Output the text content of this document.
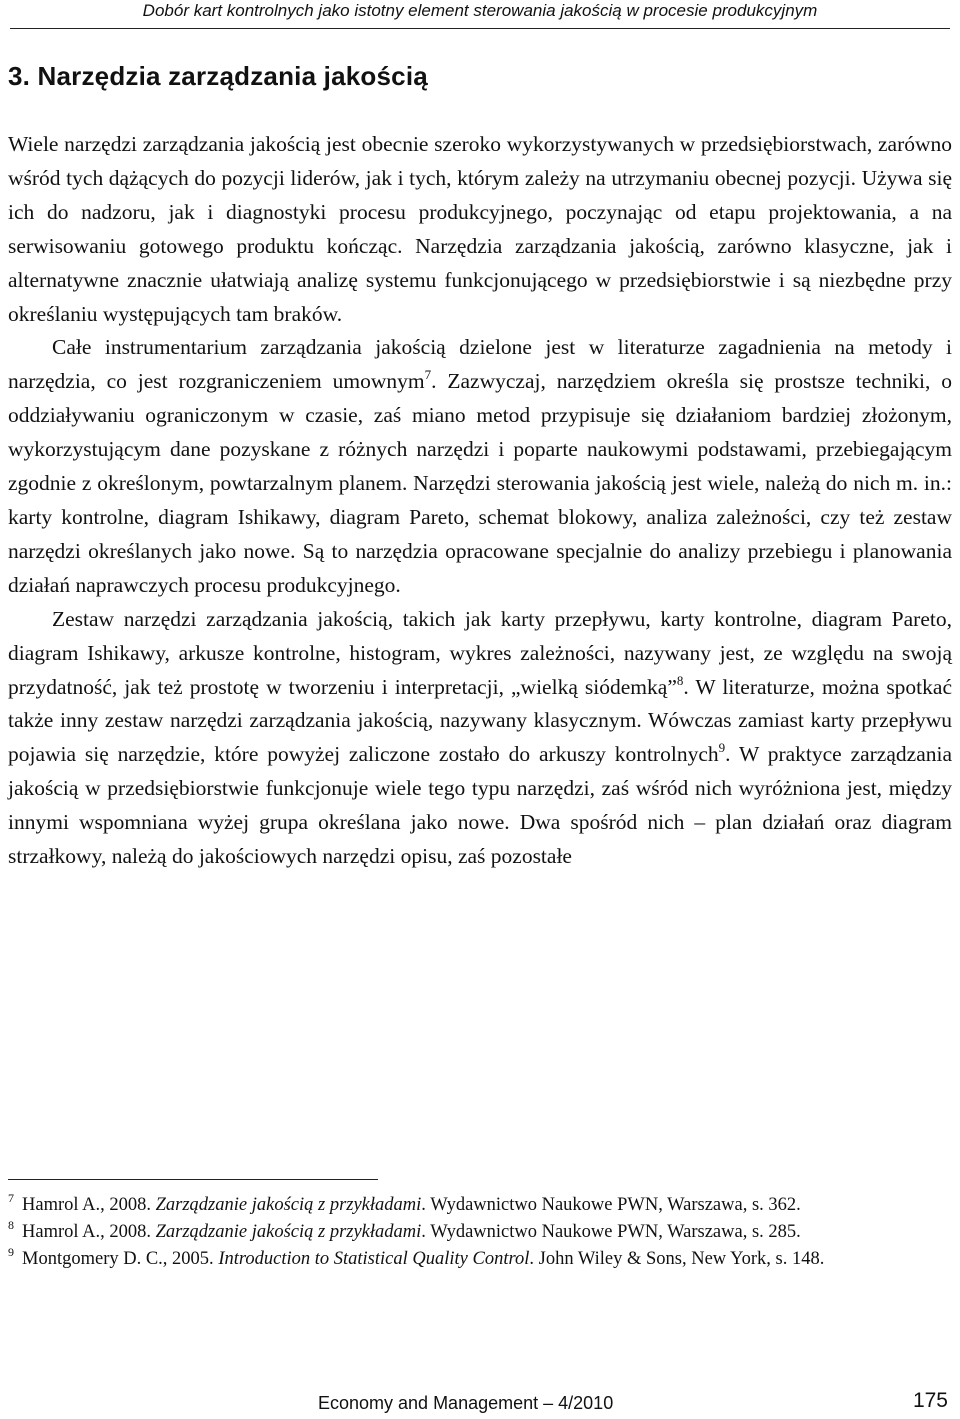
Dobór kart kontrolnych jako istotny element sterowania jakością w procesie produkcyjnym
3. Narzędzia zarządzania jakością

Wiele narzędzi zarządzania jakością jest obecnie szeroko wykorzystywanych w przedsiębiorstwach, zarówno wśród tych dążących do pozycji liderów, jak i tych, którym zależy na utrzymaniu obecnej pozycji. Używa się ich do nadzoru, jak i diagnostyki procesu produkcyjnego, poczynając od etapu projektowania, a na serwisowaniu gotowego produktu kończąc. Narzędzia zarządzania jakością, zarówno klasyczne, jak i alternatywne znacznie ułatwiają analizę systemu funkcjonującego w przedsiębiorstwie i są niezbędne przy określaniu występujących tam braków.

Całe instrumentarium zarządzania jakością dzielone jest w literaturze zagadnienia na metody i narzędzia, co jest rozgraniczeniem umownym$^7$. Zazwyczaj, narzędziem określa się prostsze techniki, o oddziaływaniu ograniczonym w czasie, zaś miano metod przypisuje się działaniom bardziej złożonym, wykorzystującym dane pozyskane z różnych narzędzi i poparte naukowymi podstawami, przebiegającym zgodnie z określonym, powtarzalnym planem. Narzędzi sterowania jakością jest wiele, należą do nich m. in.: karty kontrolne, diagram Ishikawy, diagram Pareto, schemat blokowy, analiza zależności, czy też zestaw narzędzi określanych jako nowe. Są to narzędzia opracowane specjalnie do analizy przebiegu i planowania działań naprawczych procesu produkcyjnego.

Zestaw narzędzi zarządzania jakością, takich jak karty przepływu, karty kontrolne, diagram Pareto, diagram Ishikawy, arkusze kontrolne, histogram, wykres zależności, nazywany jest, ze względu na swoją przydatność, jak też prostotę w tworzeniu i interpretacji, „wielką siódemką”$^8$. W literaturze, można spotkać także inny zestaw narzędzi zarządzania jakością, nazywany klasycznym. Wówczas zamiast karty przepływu pojawia się narzędzie, które powyżej zaliczone zostało do arkuszy kontrolnych$^9$. W praktyce zarządzania jakością w przedsiębiorstwie funkcjonuje wiele tego typu narzędzi, zaś wśród nich wyróżniona jest, między innymi wspomniana wyżej grupa określana jako nowe. Dwa spośród nich – plan działań oraz diagram strzałkowy, należą do jakościowych narzędzi opisu, zaś pozostałe

$^7$ Hamrol A., 2008. Zarządzanie jakością z przykładami. Wydawnictwo Naukowe PWN, Warszawa, s. 362.

$^8$ Hamrol A., 2008. Zarządzanie jakością z przykładami. Wydawnictwo Naukowe PWN, Warszawa, s. 285.

$^9$ Montgomery D. C., 2005. Introduction to Statistical Quality Control. John Wiley & Sons, New York, s. 148.

Economy and Management – 4/2010	175
